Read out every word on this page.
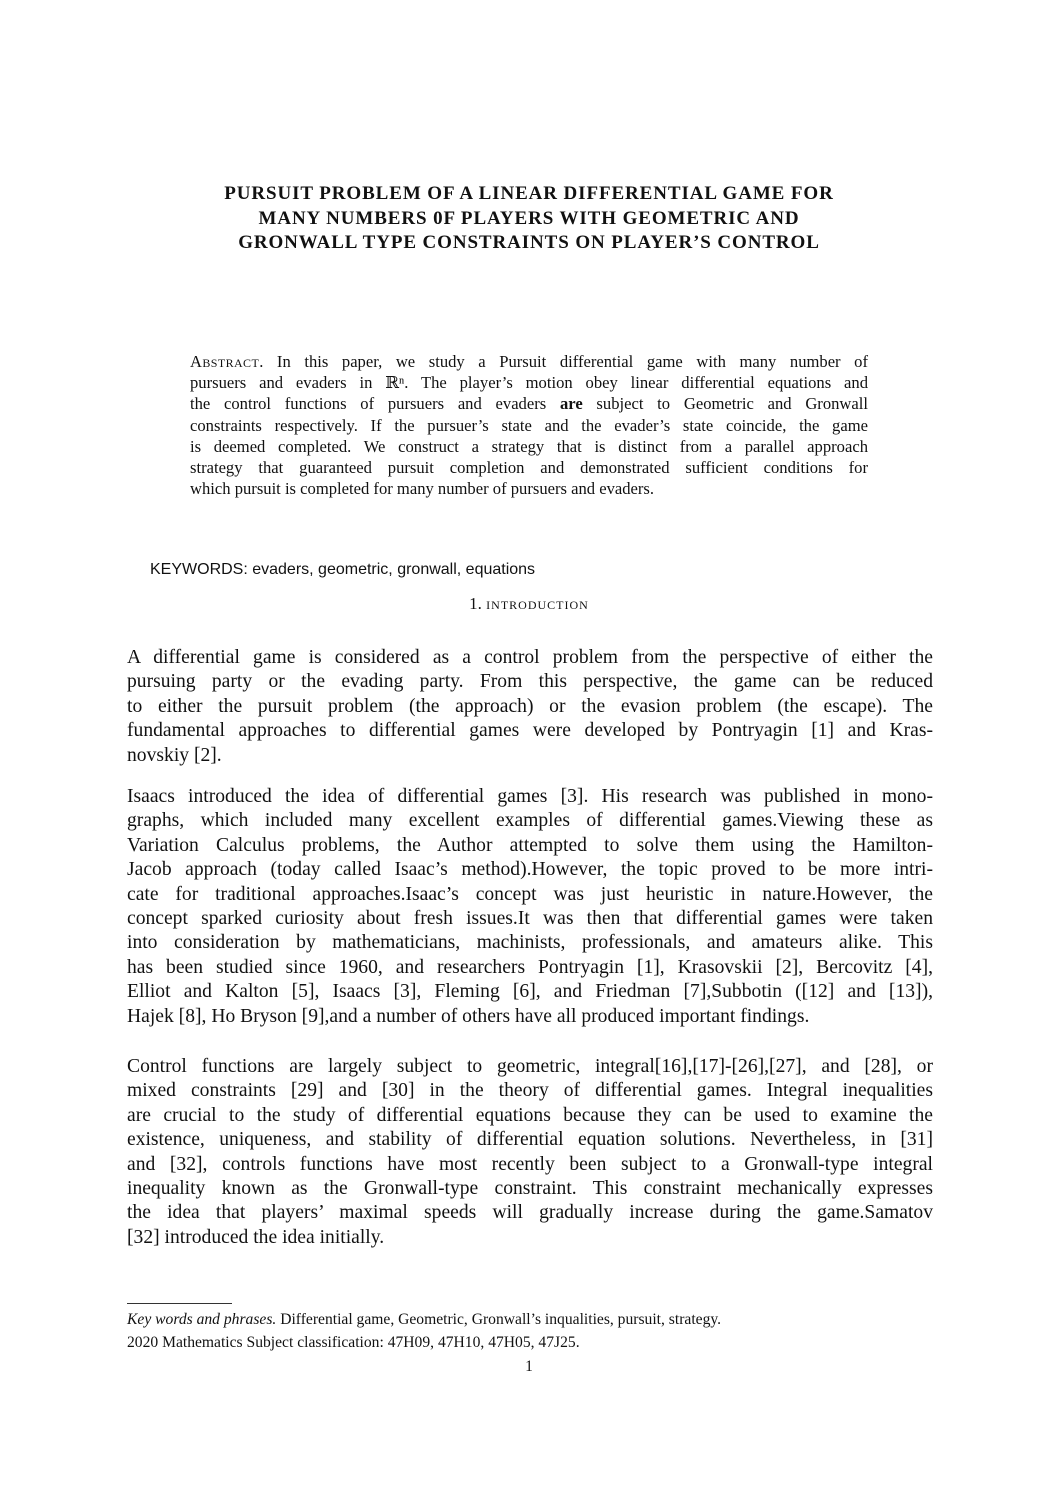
PURSUIT PROBLEM OF A LINEAR DIFFERENTIAL GAME FOR
MANY NUMBERS 0F PLAYERS WITH GEOMETRIC AND
GRONWALL TYPE CONSTRAINTS ON PLAYER’S CONTROL
Abstract. In this paper, we study a Pursuit differential game with many number of
pursuers and evaders in ℝⁿ. The player’s motion obey linear differential equations and
the control functions of pursuers and evaders are subject to Geometric and Gronwall
constraints respectively. If the pursuer’s state and the evader’s state coincide, the game
is deemed completed. We construct a strategy that is distinct from a parallel approach
strategy that guaranteed pursuit completion and demonstrated sufficient conditions for
which pursuit is completed for many number of pursuers and evaders.
KEYWORDS: evaders, geometric, gronwall, equations
1. introduction
A differential game is considered as a control problem from the perspective of either the
pursuing party or the evading party. From this perspective, the game can be reduced
to either the pursuit problem (the approach) or the evasion problem (the escape). The
fundamental approaches to differential games were developed by Pontryagin [1] and Kras-
novskiy [2].
Isaacs introduced the idea of differential games [3]. His research was published in mono-
graphs, which included many excellent examples of differential games.Viewing these as
Variation Calculus problems, the Author attempted to solve them using the Hamilton-
Jacob approach (today called Isaac’s method).However, the topic proved to be more intri-
cate for traditional approaches.Isaac’s concept was just heuristic in nature.However, the
concept sparked curiosity about fresh issues.It was then that differential games were taken
into consideration by mathematicians, machinists, professionals, and amateurs alike. This
has been studied since 1960, and researchers Pontryagin [1], Krasovskii [2], Bercovitz [4],
Elliot and Kalton [5], Isaacs [3], Fleming [6], and Friedman [7],Subbotin ([12] and [13]),
Hajek [8], Ho Bryson [9],and a number of others have all produced important findings.
Control functions are largely subject to geometric, integral[16],[17]-[26],[27], and [28], or
mixed constraints [29] and [30] in the theory of differential games. Integral inequalities
are crucial to the study of differential equations because they can be used to examine the
existence, uniqueness, and stability of differential equation solutions. Nevertheless, in [31]
and [32], controls functions have most recently been subject to a Gronwall-type integral
inequality known as the Gronwall-type constraint. This constraint mechanically expresses
the idea that players’ maximal speeds will gradually increase during the game.Samatov
[32] introduced the idea initially.
Key words and phrases. Differential game, Geometric, Gronwall’s inqualities, pursuit, strategy.
2020 Mathematics Subject classification: 47H09, 47H10, 47H05, 47J25.
1
